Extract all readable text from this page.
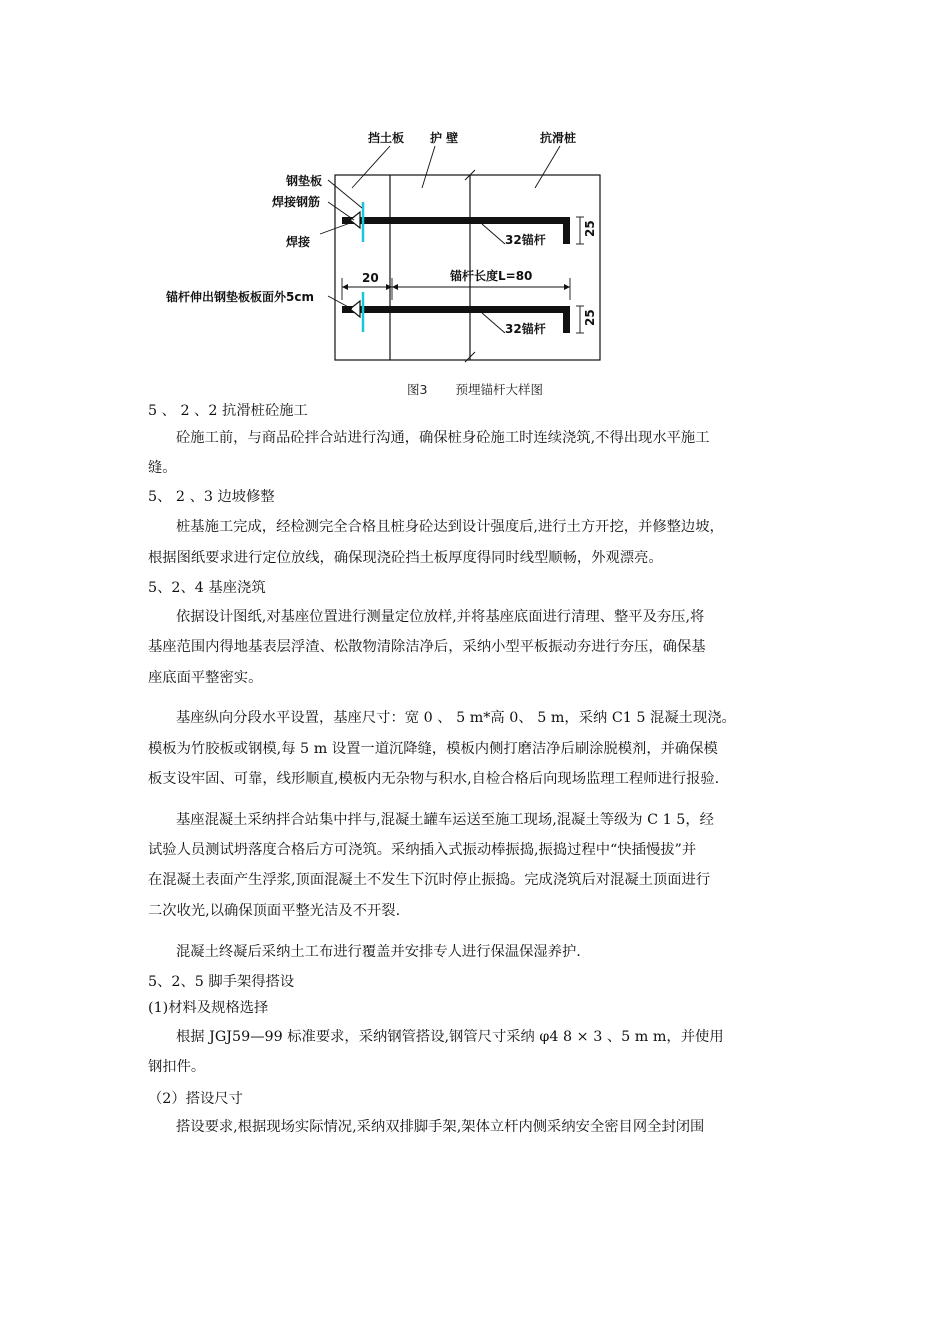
挡土板 护 壁	抗滑桩
钢垫板
焊接钢筋
焊接
锚杆伸出钢垫板板面外5cm
32锚杆
32锚杆
20	锚杆长度L=80
25
25
图3 预埋锚杆大样图
5 、 2 、2 抗滑桩砼施工
砼施工前，与商品砼拌合站进行沟通，确保桩身砼施工时连续浇筑,不得出现水平施工
缝。
5、 2 、3 边坡修整
桩基施工完成，经检测完全合格且桩身砼达到设计强度后,进行土方开挖，并修整边坡，
根据图纸要求进行定位放线，确保现浇砼挡土板厚度得同时线型顺畅，外观漂亮。
5、2、4 基座浇筑
依据设计图纸,对基座位置进行测量定位放样,并将基座底面进行清理、整平及夯压,将
基座范围内得地基表层浮渣、松散物清除洁净后，采纳小型平板振动夯进行夯压，确保基
座底面平整密实。
基座纵向分段水平设置，基座尺寸：宽 0 、 5 m*高 0、 5 m，采纳 C1 5 混凝土现浇。
模板为竹胶板或钢模,每 5 m 设置一道沉降缝，模板内侧打磨洁净后刷涂脱模剂，并确保模
板支设牢固、可靠，线形顺直,模板内无杂物与积水,自检合格后向现场监理工程师进行报验.
基座混凝土采纳拌合站集中拌与,混凝土罐车运送至施工现场,混凝土等级为 C 1 5，经
试验人员测试坍落度合格后方可浇筑。采纳插入式振动棒振捣,振捣过程中“快插慢拔”并
在混凝土表面产生浮浆,顶面混凝土不发生下沉时停止振捣。完成浇筑后对混凝土顶面进行
二次收光,以确保顶面平整光洁及不开裂.
混凝土终凝后采纳土工布进行覆盖并安排专人进行保温保湿养护.
5、2、5 脚手架得搭设
(1)材料及规格选择
根据 JGJ59—99 标准要求，采纳钢管搭设,钢管尺寸采纳 φ4 8 × 3 、5 m m，并使用
钢扣件。
（2）搭设尺寸
搭设要求,根据现场实际情况,采纳双排脚手架,架体立杆内侧采纳安全密目网全封闭围
